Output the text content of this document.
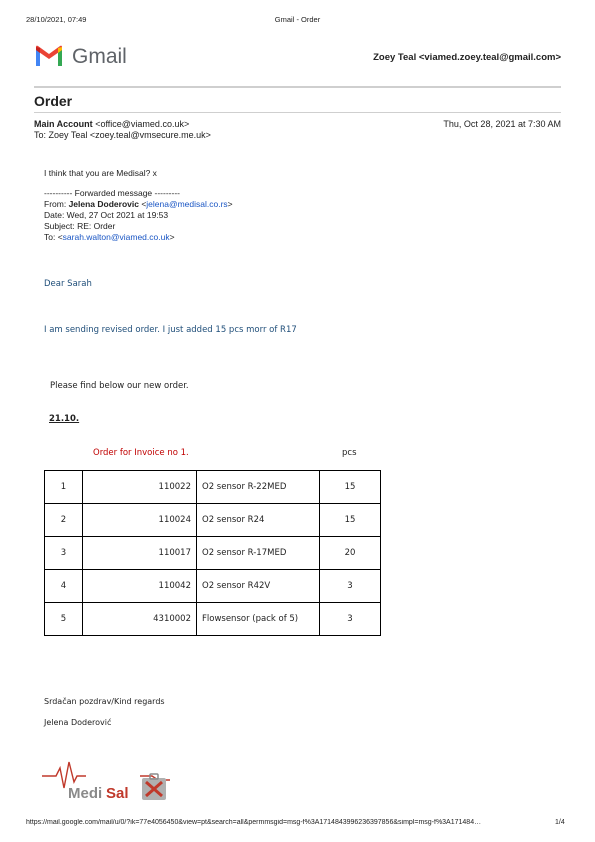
28/10/2021, 07:49	Gmail - Order
Gmail	Zoey Teal <viamed.zoey.teal@gmail.com>
Order
Main Account <office@viamed.co.uk>	Thu, Oct 28, 2021 at 7:30 AM
To: Zoey Teal <zoey.teal@vmsecure.me.uk>
I think that you are Medisal? x
---------- Forwarded message ---------
From: Jelena Doderovic <jelena@medisal.co.rs>
Date: Wed, 27 Oct 2021 at 19:53
Subject: RE: Order
To: <sarah.walton@viamed.co.uk>
Dear Sarah
I am sending revised order. I just added 15 pcs morr of R17
Please find below our new order.
21.10.
Order for Invoice no 1.	pcs
1	110022	O2 sensor R-22MED	15
2	110024	O2 sensor R24	15
3	110017	O2 sensor R-17MED	20
4	110042	O2 sensor R42V	3
5	4310002	Flowsensor (pack of 5)	3
Srdačan pozdrav/Kind regards
Jelena Doderović
Medi Sal
https://mail.google.com/mail/u/0/?ik=77e4056450&view=pt&search=all&permmsgid=msg-f%3A1714843996236397856&simpl=msg-f%3A171484…	1/4
